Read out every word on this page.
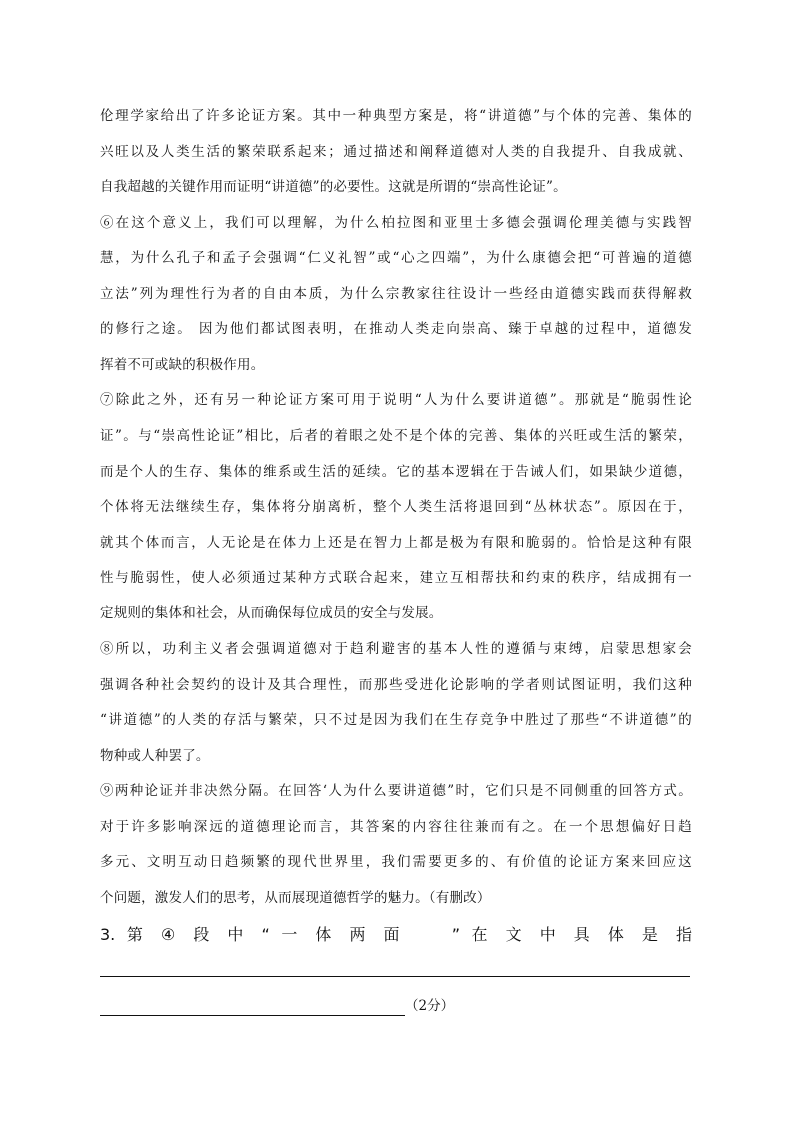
伦理学家给出了许多论证方案。其中一种典型方案是，将“讲道德”与个体的完善、集体的
兴旺以及人类生活的繁荣联系起来；通过描述和阐释道德对人类的自我提升、自我成就、
自我超越的关键作用而证明“讲道德”的必要性。这就是所谓的“崇高性论证”。
⑥在这个意义上，我们可以理解，为什么柏拉图和亚里士多德会强调伦理美德与实践智
慧，为什么孔子和孟子会强调“仁义礼智”或“心之四端”，为什么康德会把“可普遍的道德
立法”列为理性行为者的自由本质，为什么宗教家往往设计一些经由道德实践而获得解救
的修行之途。 因为他们都试图表明，在推动人类走向崇高、臻于卓越的过程中，道德发
挥着不可或缺的积极作用。
⑦除此之外，还有另一种论证方案可用于说明“人为什么要讲道德”。那就是“脆弱性论
证”。与“崇高性论证”相比，后者的着眼之处不是个体的完善、集体的兴旺或生活的繁荣，
而是个人的生存、集体的维系或生活的延续。它的基本逻辑在于告诫人们，如果缺少道德，
个体将无法继续生存，集体将分崩离析，整个人类生活将退回到“丛林状态”。原因在于，
就其个体而言，人无论是在体力上还是在智力上都是极为有限和脆弱的。恰恰是这种有限
性与脆弱性，使人必须通过某种方式联合起来，建立互相帮扶和约束的秩序，结成拥有一
定规则的集体和社会，从而确保每位成员的安全与发展。
⑧所以，功利主义者会强调道德对于趋利避害的基本人性的遵循与束缚，启蒙思想家会
强调各种社会契约的设计及其合理性，而那些受进化论影响的学者则试图证明，我们这种
“讲道德”的人类的存活与繁荣，只不过是因为我们在生存竞争中胜过了那些“不讲道德”的
物种或人种罢了。
⑨两种论证并非决然分隔。在回答‘人为什么要讲道德”时，它们只是不同侧重的回答方式。
对于许多影响深远的道德理论而言，其答案的内容往往兼而有之。在一个思想偏好日趋
多元、文明互动日趋频繁的现代世界里，我们需要更多的、有价值的论证方案来回应这
个问题，激发人们的思考，从而展现道德哲学的魅力。（有删改）
3. 第 ④ 段 中 “ 一 体 两 面 　 ” 在 文 中 具 体 是 指
（2分）
